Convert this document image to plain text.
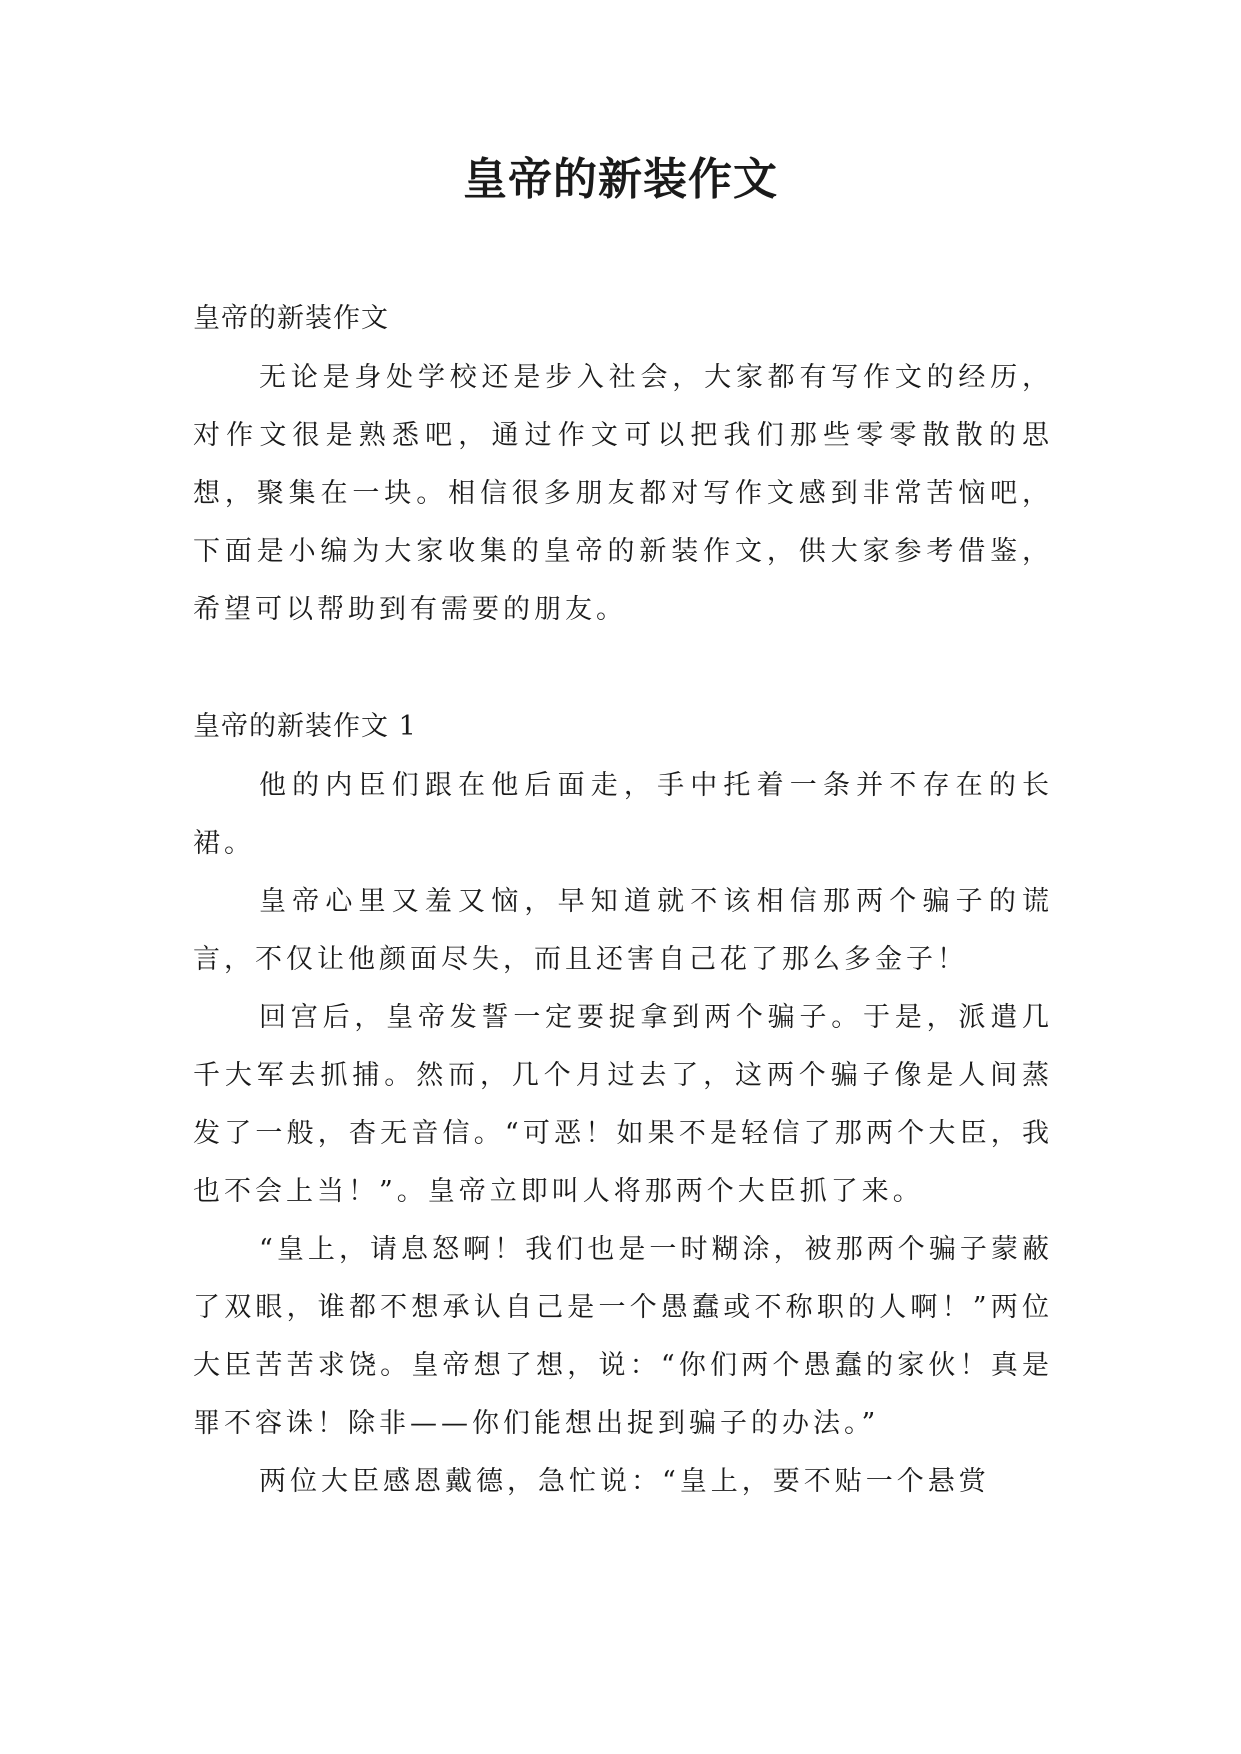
皇帝的新装作文

皇帝的新装作文

无论是身处学校还是步入社会，大家都有写作文的经历，对作文很是熟悉吧，通过作文可以把我们那些零零散散的思想，聚集在一块。相信很多朋友都对写作文感到非常苦恼吧，下面是小编为大家收集的皇帝的新装作文，供大家参考借鉴，希望可以帮助到有需要的朋友。

皇帝的新装作文 1

他的内臣们跟在他后面走，手中托着一条并不存在的长裙。

皇帝心里又羞又恼，早知道就不该相信那两个骗子的谎言，不仅让他颜面尽失，而且还害自己花了那么多金子！

回宫后，皇帝发誓一定要捉拿到两个骗子。于是，派遣几千大军去抓捕。然而，几个月过去了，这两个骗子像是人间蒸发了一般，杳无音信。“可恶！如果不是轻信了那两个大臣，我也不会上当！”。皇帝立即叫人将那两个大臣抓了来。

“皇上，请息怒啊！我们也是一时糊涂，被那两个骗子蒙蔽了双眼，谁都不想承认自己是一个愚蠢或不称职的人啊！”两位大臣苦苦求饶。皇帝想了想，说：“你们两个愚蠢的家伙！真是罪不容诛！除非——你们能想出捉到骗子的办法。”

两位大臣感恩戴德，急忙说：“皇上，要不贴一个悬赏
